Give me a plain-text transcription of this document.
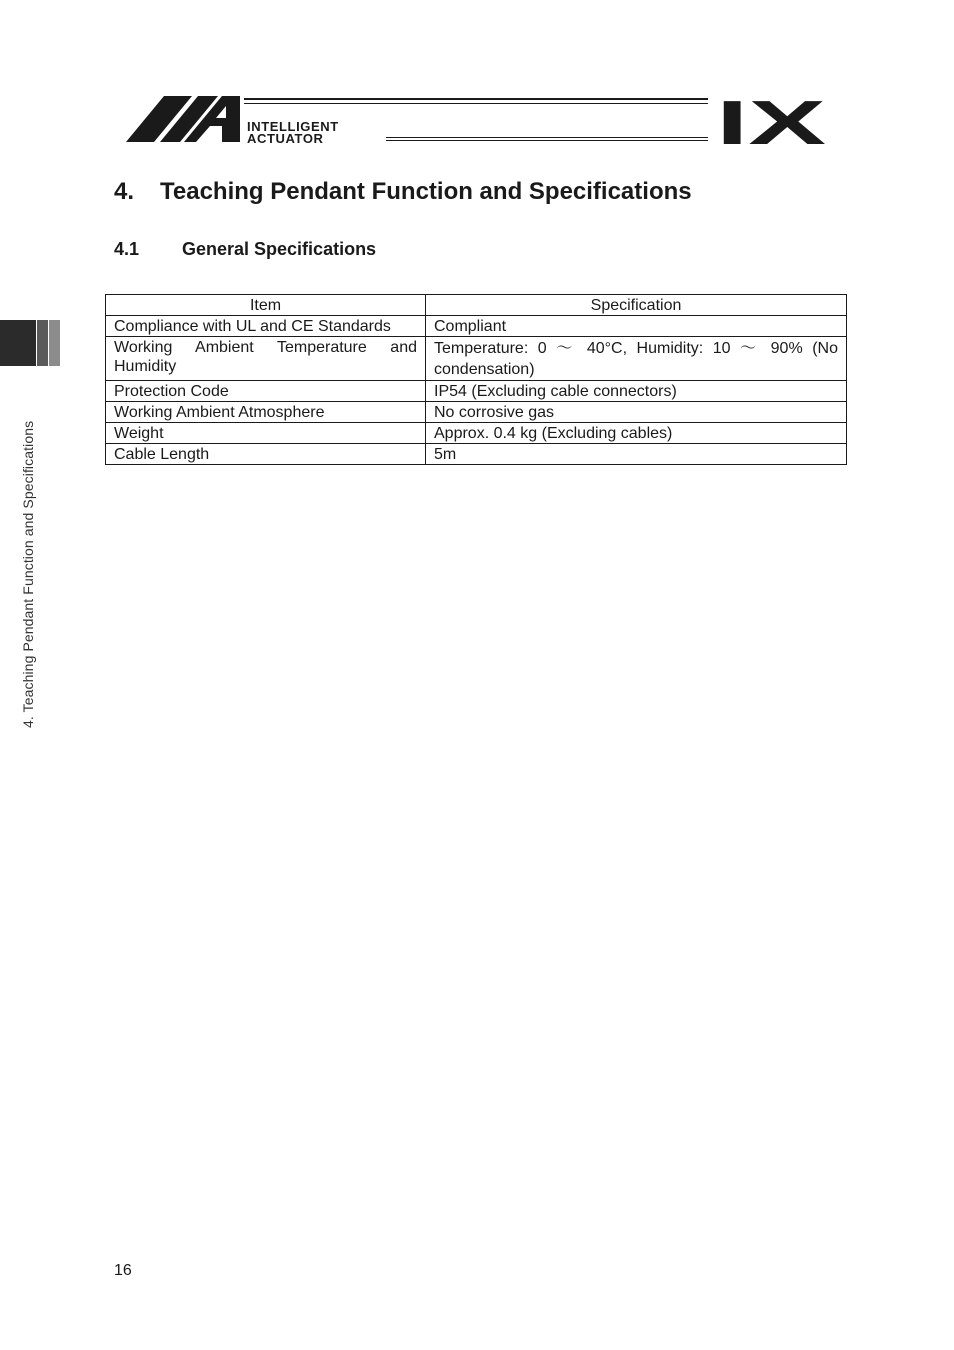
INTELLIGENT
ACTUATOR	IX
4. Teaching Pendant Function and Specifications
4. Teaching Pendant Function and Specifications
4.1 General Specifications
Item	Specification
Compliance with UL and CE Standards	Compliant
Working Ambient Temperature and Humidity	Temperature: 0 〜 40°C, Humidity: 10 〜 90% (No condensation)
Protection Code	IP54 (Excluding cable connectors)
Working Ambient Atmosphere	No corrosive gas
Weight	Approx. 0.4 kg (Excluding cables)
Cable Length	5m
16
